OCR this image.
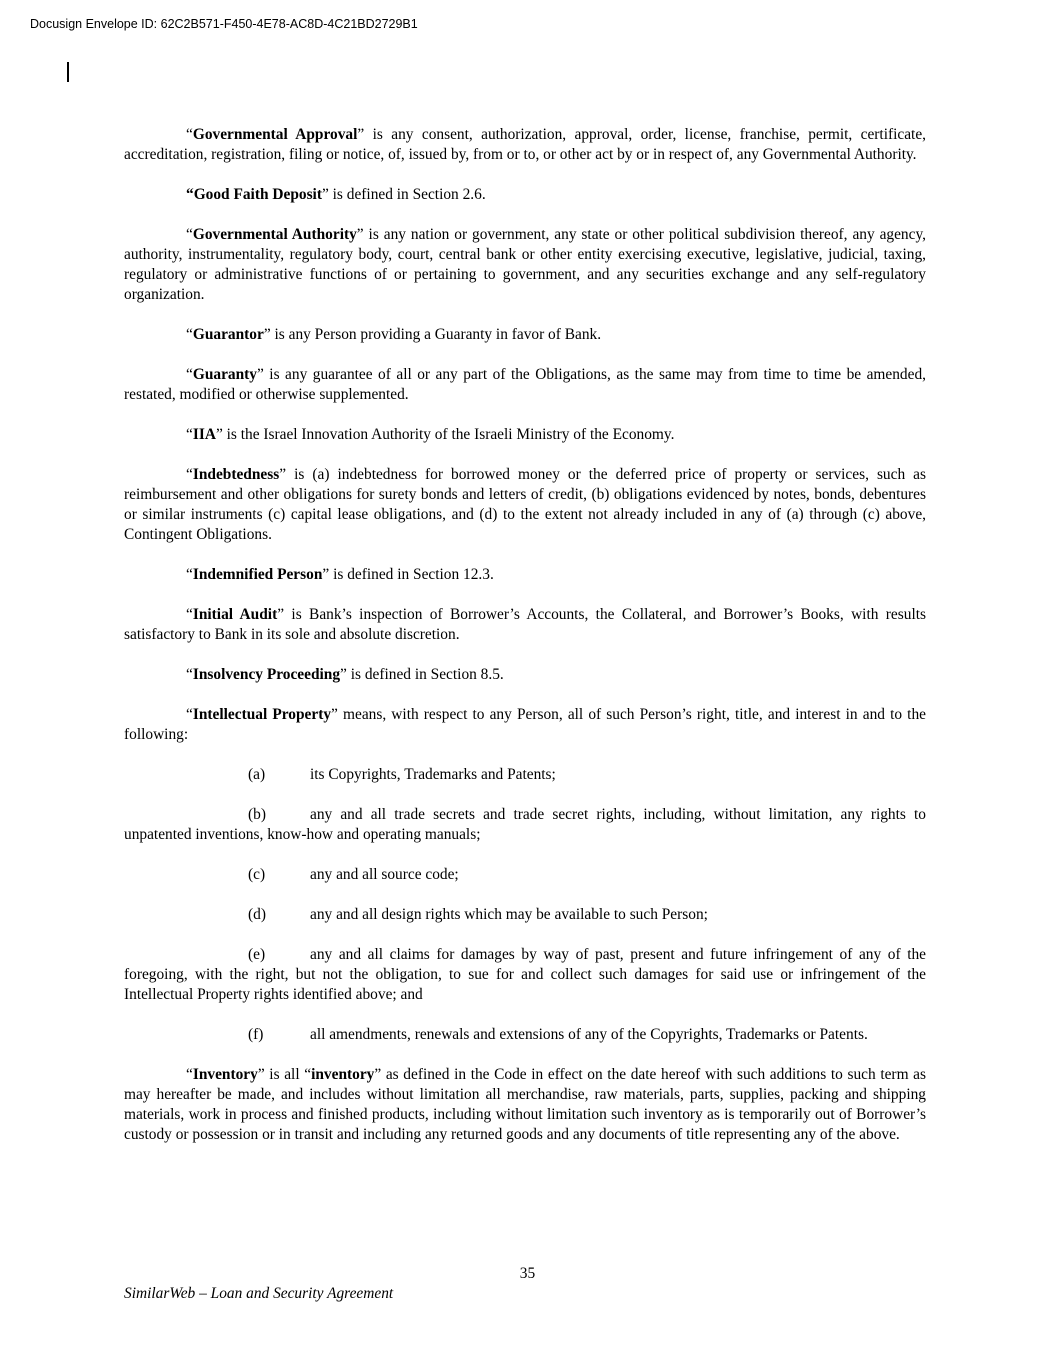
Docusign Envelope ID: 62C2B571-F450-4E78-AC8D-4C21BD2729B1

“Governmental Approval” is any consent, authorization, approval, order, license, franchise, permit, certificate, accreditation, registration, filing or notice, of, issued by, from or to, or other act by or in respect of, any Governmental Authority.

“Good Faith Deposit” is defined in Section 2.6.

“Governmental Authority” is any nation or government, any state or other political subdivision thereof, any agency, authority, instrumentality, regulatory body, court, central bank or other entity exercising executive, legislative, judicial, taxing, regulatory or administrative functions of or pertaining to government, and any securities exchange and any self-regulatory organization.

“Guarantor” is any Person providing a Guaranty in favor of Bank.

“Guaranty” is any guarantee of all or any part of the Obligations, as the same may from time to time be amended, restated, modified or otherwise supplemented.

“IIA” is the Israel Innovation Authority of the Israeli Ministry of the Economy.

“Indebtedness” is (a) indebtedness for borrowed money or the deferred price of property or services, such as reimbursement and other obligations for surety bonds and letters of credit, (b) obligations evidenced by notes, bonds, debentures or similar instruments (c) capital lease obligations, and (d) to the extent not already included in any of (a) through (c) above, Contingent Obligations.

“Indemnified Person” is defined in Section 12.3.

“Initial Audit” is Bank’s inspection of Borrower’s Accounts, the Collateral, and Borrower’s Books, with results satisfactory to Bank in its sole and absolute discretion.

“Insolvency Proceeding” is defined in Section 8.5.

“Intellectual Property” means, with respect to any Person, all of such Person’s right, title, and interest in and to the following:

(a)	its Copyrights, Trademarks and Patents;

(b)	any and all trade secrets and trade secret rights, including, without limitation, any rights to unpatented inventions, know-how and operating manuals;

(c)	any and all source code;

(d)	any and all design rights which may be available to such Person;

(e)	any and all claims for damages by way of past, present and future infringement of any of the foregoing, with the right, but not the obligation, to sue for and collect such damages for said use or infringement of the Intellectual Property rights identified above; and

(f)	all amendments, renewals and extensions of any of the Copyrights, Trademarks or Patents.

“Inventory” is all “inventory” as defined in the Code in effect on the date hereof with such additions to such term as may hereafter be made, and includes without limitation all merchandise, raw materials, parts, supplies, packing and shipping materials, work in process and finished products, including without limitation such inventory as is temporarily out of Borrower’s custody or possession or in transit and including any returned goods and any documents of title representing any of the above.

35
SimilarWeb – Loan and Security Agreement
